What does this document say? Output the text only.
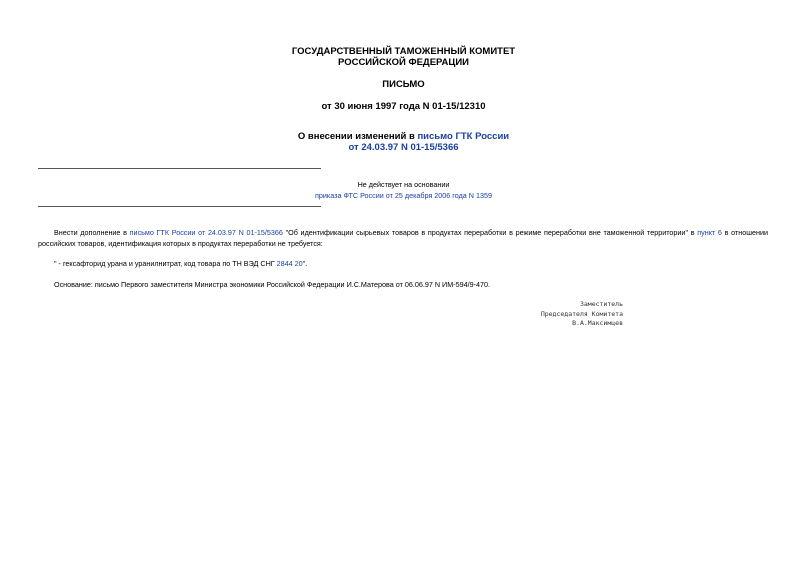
ГОСУДАРСТВЕННЫЙ ТАМОЖЕННЫЙ КОМИТЕТ
РОССИЙСКОЙ ФЕДЕРАЦИИ
ПИСЬМО
от 30 июня 1997 года N 01-15/12310
О внесении изменений в письмо ГТК России
от 24.03.97 N 01-15/5366
Не действует на основании
приказа ФТС России от 25 декабря 2006 года N 1359
Внести дополнение в письмо ГТК России от 24.03.97 N 01-15/5366 "Об идентификации сырьевых товаров в продуктах переработки в режиме переработки вне таможенной территории" в пункт 6 в отношении российских товаров, идентификация которых в продуктах переработки не требуется:
" - гексафторид урана и уранилнитрат, код товара по ТН ВЭД СНГ 2844 20".
Основание: письмо Первого заместителя Министра экономики Российской Федерации И.С.Матерова от 06.06.97 N ИМ-594/9-470.
Заместитель
Председателя Комитета
В.А.Максимцев
